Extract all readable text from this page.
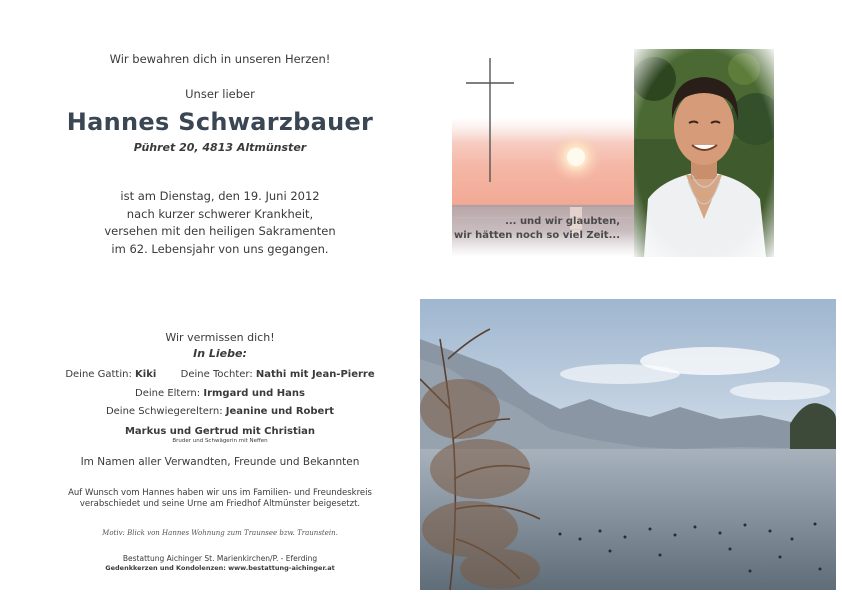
Wir bewahren dich in unseren Herzen!
Unser lieber
Hannes Schwarzbauer
Pühret 20, 4813 Altmünster
ist am Dienstag, den 19. Juni 2012
nach kurzer schwerer Krankheit,
versehen mit den heiligen Sakramenten
im 62. Lebensjahr von uns gegangen.
Wir vermissen dich!
In Liebe:
Deine Gattin: Kiki Deine Tochter: Nathi mit Jean-Pierre
Deine Eltern: Irmgard und Hans
Deine Schwiegereltern: Jeanine und Robert
Markus und Gertrud mit Christian
Bruder und Schwägerin mit Neffen
Im Namen aller Verwandten, Freunde und Bekannten
Auf Wunsch vom Hannes haben wir uns im Familien- und Freundeskreis
verabschiedet und seine Urne am Friedhof Altmünster beigesetzt.
Motiv: Blick von Hannes Wohnung zum Traunsee bzw. Traunstein.
Bestattung Aichinger St. Marienkirchen/P. - Eferding
Gedenkkerzen und Kondolenzen: www.bestattung-aichinger.at
... und wir glaubten,
wir hätten noch so viel Zeit...
